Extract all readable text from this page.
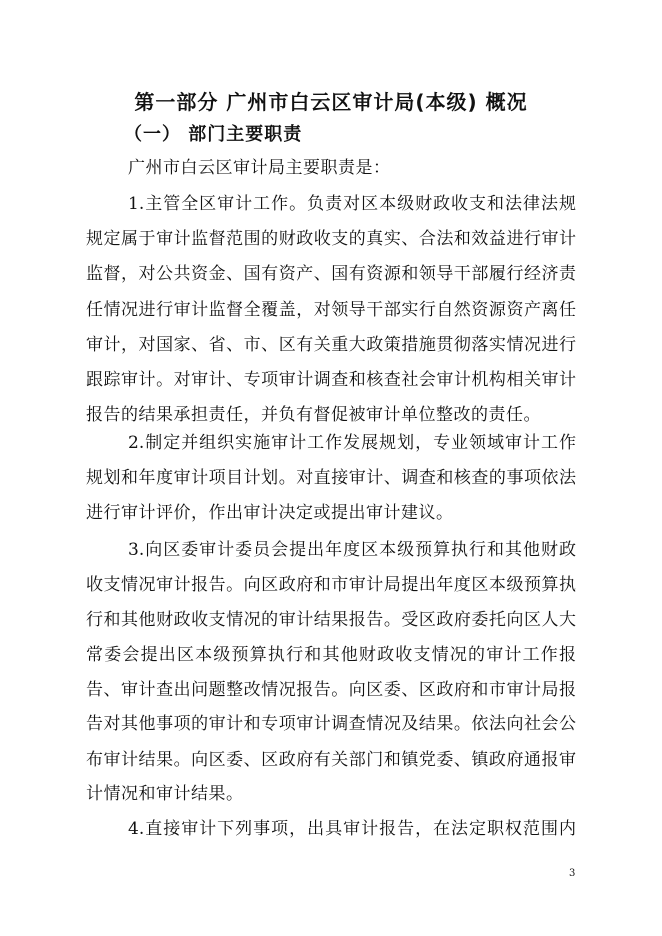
第一部分 广州市白云区审计局(本级) 概况
（一） 部门主要职责
广州市白云区审计局主要职责是：
1.主管全区审计工作。负责对区本级财政收支和法律法规
规定属于审计监督范围的财政收支的真实、合法和效益进行审计
监督，对公共资金、国有资产、国有资源和领导干部履行经济责
任情况进行审计监督全覆盖，对领导干部实行自然资源资产离任
审计，对国家、省、市、区有关重大政策措施贯彻落实情况进行
跟踪审计。对审计、专项审计调查和核查社会审计机构相关审计
报告的结果承担责任，并负有督促被审计单位整改的责任。
2.制定并组织实施审计工作发展规划，专业领域审计工作
规划和年度审计项目计划。对直接审计、调查和核查的事项依法
进行审计评价，作出审计决定或提出审计建议。
3.向区委审计委员会提出年度区本级预算执行和其他财政
收支情况审计报告。向区政府和市审计局提出年度区本级预算执
行和其他财政收支情况的审计结果报告。受区政府委托向区人大
常委会提出区本级预算执行和其他财政收支情况的审计工作报
告、审计查出问题整改情况报告。向区委、区政府和市审计局报
告对其他事项的审计和专项审计调查情况及结果。依法向社会公
布审计结果。向区委、区政府有关部门和镇党委、镇政府通报审
计情况和审计结果。
4.直接审计下列事项，出具审计报告，在法定职权范围内
3
